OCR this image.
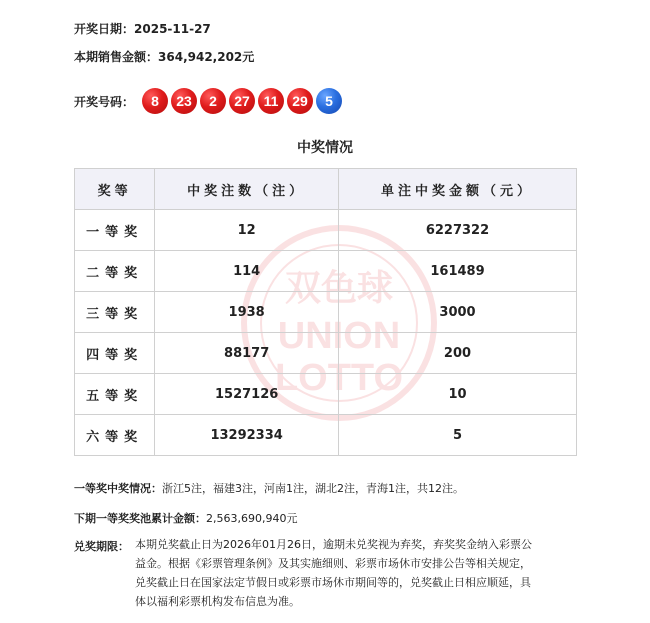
开奖日期：2025-11-27
本期销售金额：364,942,202元
开奖号码：	8	23	2	27 11 29	5
中奖情况
双色球
UNION
LOTTO
奖等	中奖注数（注）	单注中奖金额（元）
一等奖	12	6227322
二等奖	114	161489
三等奖	1938	3000
四等奖	88177	200
五等奖	1527126	10
六等奖	13292334	5
一等奖中奖情况：浙江5注，福建3注，河南1注，湖北2注，青海1注，共12注。
下期一等奖奖池累计金额：2,563,690,940元
兑奖期限： 本期兑奖截止日为2026年01月26日，逾期未兑奖视为弃奖，弃奖奖金纳入彩票公益金。根据《彩票管理条例》及其实施细则、彩票市场休市安排公告等相关规定，兑奖截止日在国家法定节假日或彩票市场休市期间等的，兑奖截止日相应顺延，具体以福利彩票机构发布信息为准。
